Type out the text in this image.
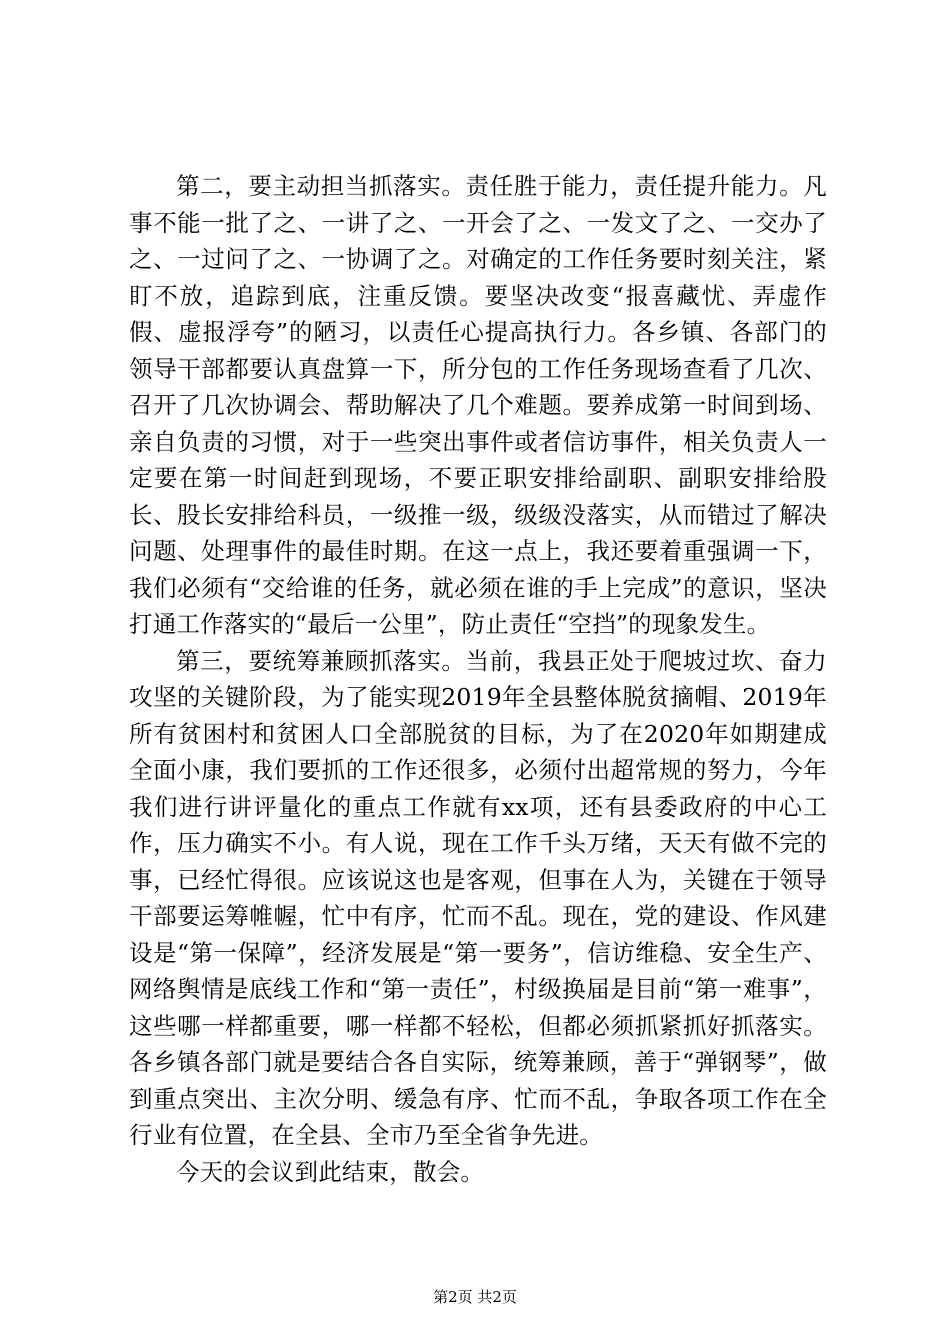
第二，要主动担当抓落实。责任胜于能力，责任提升能力。凡事不能一批了之、一讲了之、一开会了之、一发文了之、一交办了之、一过问了之、一协调了之。对确定的工作任务要时刻关注，紧盯不放，追踪到底，注重反馈。要坚决改变“报喜藏忧、弄虚作假、虚报浮夸”的陋习，以责任心提高执行力。各乡镇、各部门的领导干部都要认真盘算一下，所分包的工作任务现场查看了几次、召开了几次协调会、帮助解决了几个难题。要养成第一时间到场、亲自负责的习惯，对于一些突出事件或者信访事件，相关负责人一定要在第一时间赶到现场，不要正职安排给副职、副职安排给股长、股长安排给科员，一级推一级，级级没落实，从而错过了解决问题、处理事件的最佳时期。在这一点上，我还要着重强调一下，我们必须有“交给谁的任务，就必须在谁的手上完成”的意识，坚决打通工作落实的“最后一公里”，防止责任“空挡”的现象发生。

第三，要统筹兼顾抓落实。当前，我县正处于爬坡过坎、奋力攻坚的关键阶段，为了能实现2019年全县整体脱贫摘帽、2019年所有贫困村和贫困人口全部脱贫的目标，为了在2020年如期建成全面小康，我们要抓的工作还很多，必须付出超常规的努力，今年我们进行讲评量化的重点工作就有xx项，还有县委政府的中心工作，压力确实不小。有人说，现在工作千头万绪，天天有做不完的事，已经忙得很。应该说这也是客观，但事在人为，关键在于领导干部要运筹帷幄，忙中有序，忙而不乱。现在，党的建设、作风建设是“第一保障”，经济发展是“第一要务”，信访维稳、安全生产、网络舆情是底线工作和“第一责任”，村级换届是目前“第一难事”，这些哪一样都重要，哪一样都不轻松，但都必须抓紧抓好抓落实。各乡镇各部门就是要结合各自实际，统筹兼顾，善于“弹钢琴”，做到重点突出、主次分明、缓急有序、忙而不乱，争取各项工作在全行业有位置，在全县、全市乃至全省争先进。

今天的会议到此结束，散会。

第2页 共2页
